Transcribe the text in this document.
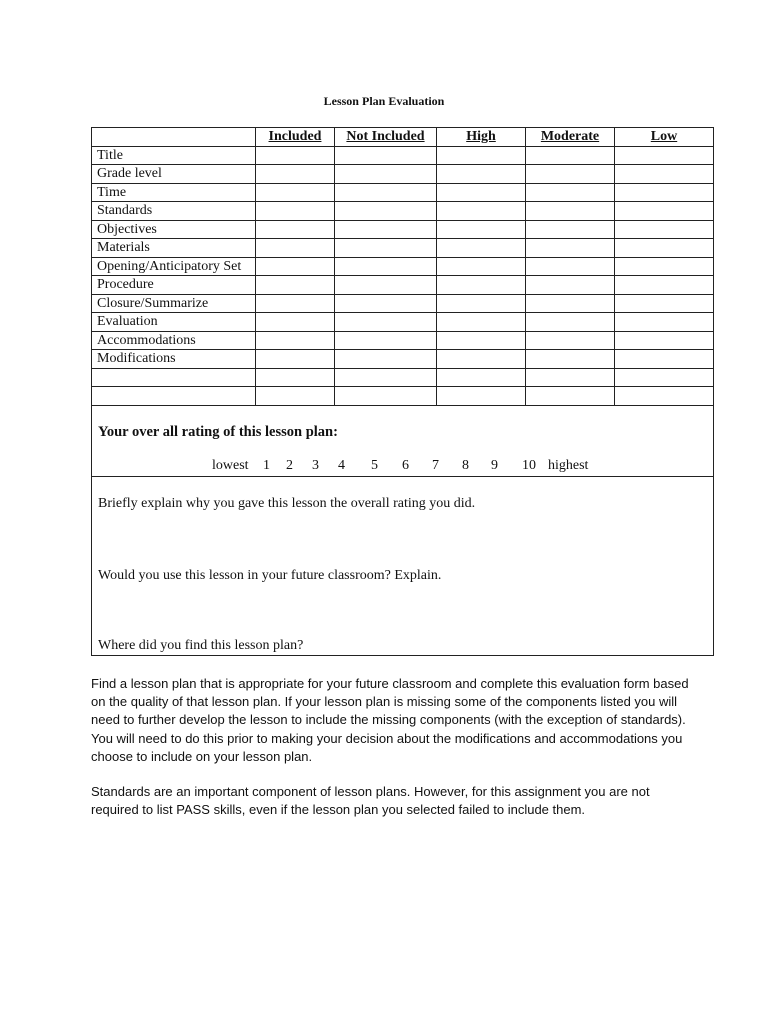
Lesson Plan Evaluation
	Included	Not Included	High	Moderate	Low
Title					
Grade level					
Time					
Standards					
Objectives					
Materials					
Opening/Anticipatory Set					
Procedure					
Closure/Summarize					
Evaluation					
Accommodations					
Modifications					

Your over all rating of this lesson plan:
lowest 1 2 3 4 5 6 7 8 9 10 highest
Briefly explain why you gave this lesson the overall rating you did.
Would you use this lesson in your future classroom? Explain.
Where did you find this lesson plan?

Find a lesson plan that is appropriate for your future classroom and complete this evaluation form based on the quality of that lesson plan. If your lesson plan is missing some of the components listed you will need to further develop the lesson to include the missing components (with the exception of standards). You will need to do this prior to making your decision about the modifications and accommodations you choose to include on your lesson plan.

Standards are an important component of lesson plans. However, for this assignment you are not required to list PASS skills, even if the lesson plan you selected failed to include them.
